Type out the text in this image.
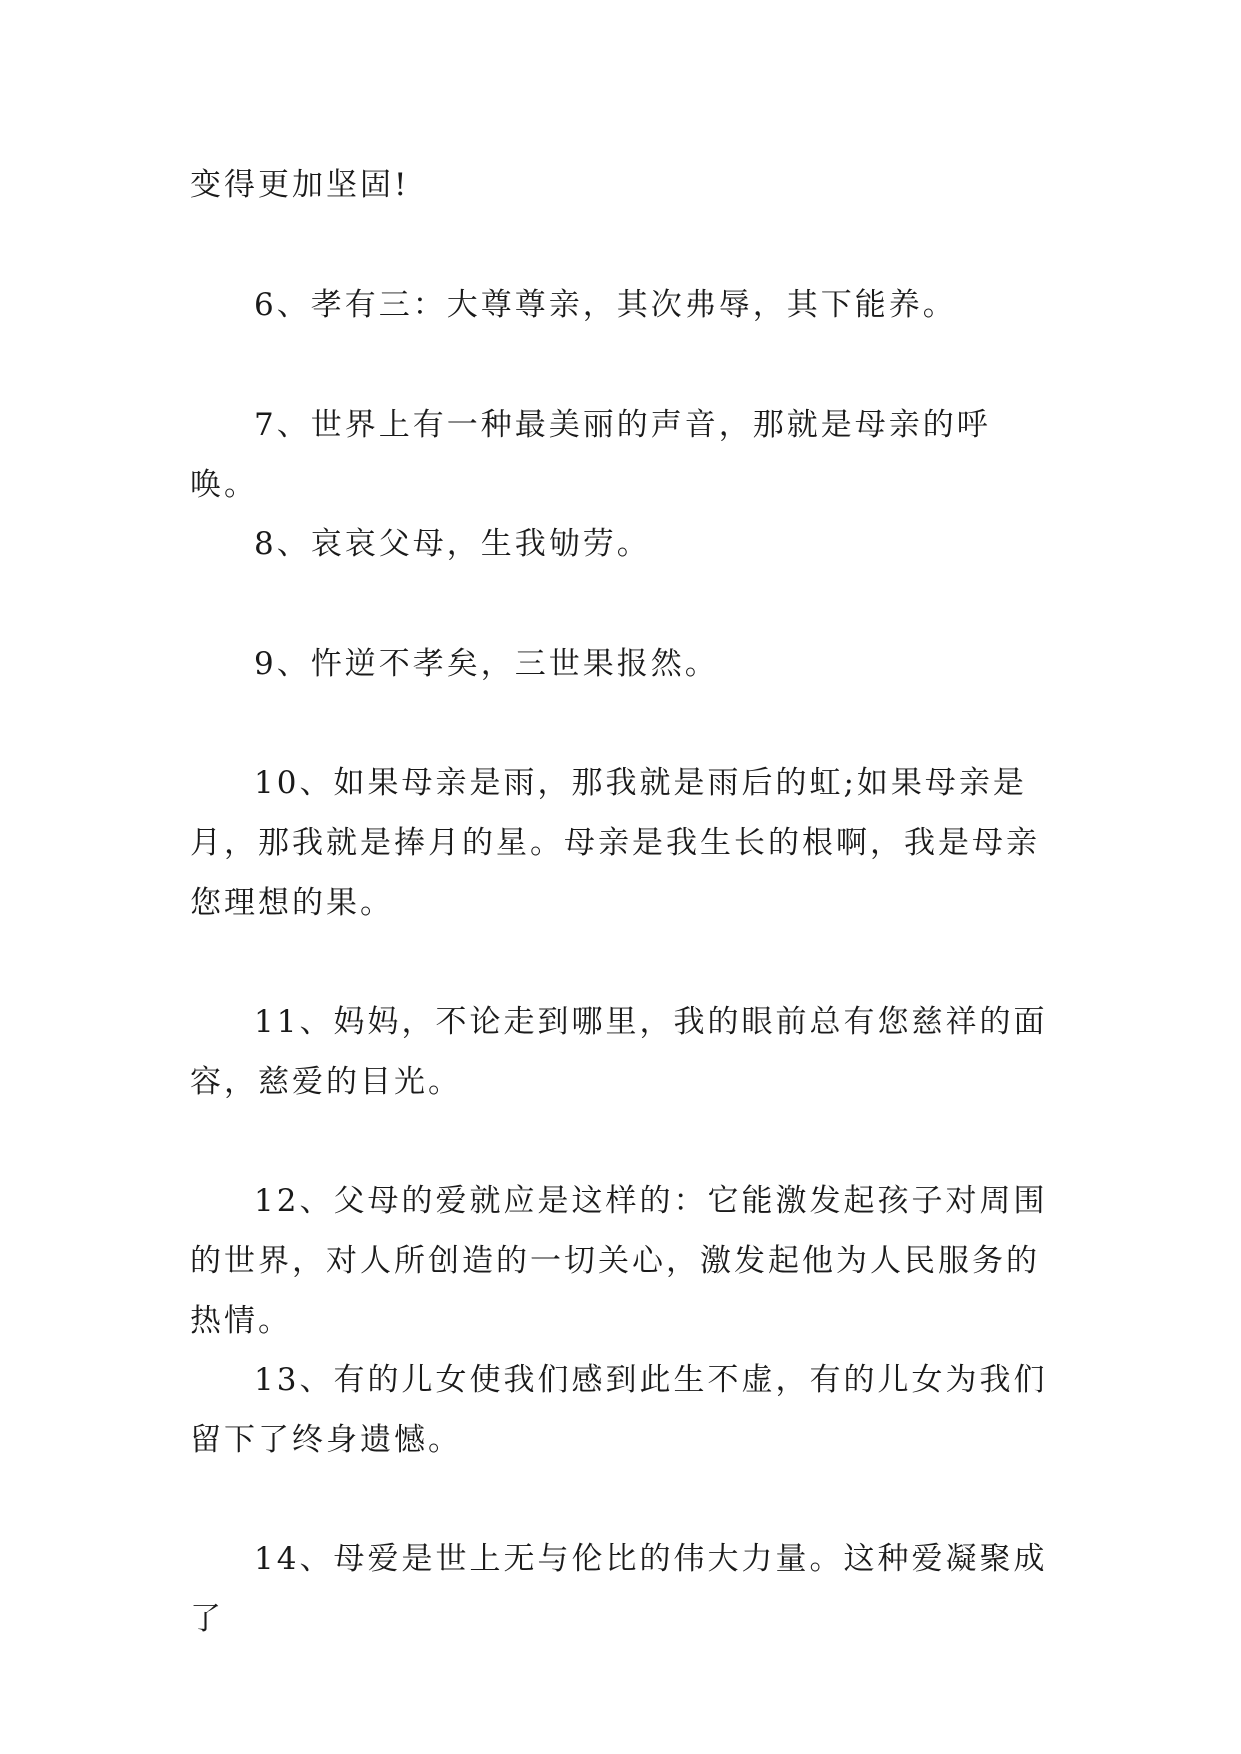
变得更加坚固!

6、孝有三：大尊尊亲，其次弗辱，其下能养。

7、世界上有一种最美丽的声音，那就是母亲的呼唤。

8、哀哀父母，生我劬劳。

9、忤逆不孝矣，三世果报然。

10、如果母亲是雨，那我就是雨后的虹;如果母亲是月，那我就是捧月的星。母亲是我生长的根啊，我是母亲您理想的果。

11、妈妈，不论走到哪里，我的眼前总有您慈祥的面容，慈爱的目光。

12、父母的爱就应是这样的：它能激发起孩子对周围的世界，对人所创造的一切关心，激发起他为人民服务的热情。

13、有的儿女使我们感到此生不虚，有的儿女为我们留下了终身遗憾。

14、母爱是世上无与伦比的伟大力量。这种爱凝聚成了
